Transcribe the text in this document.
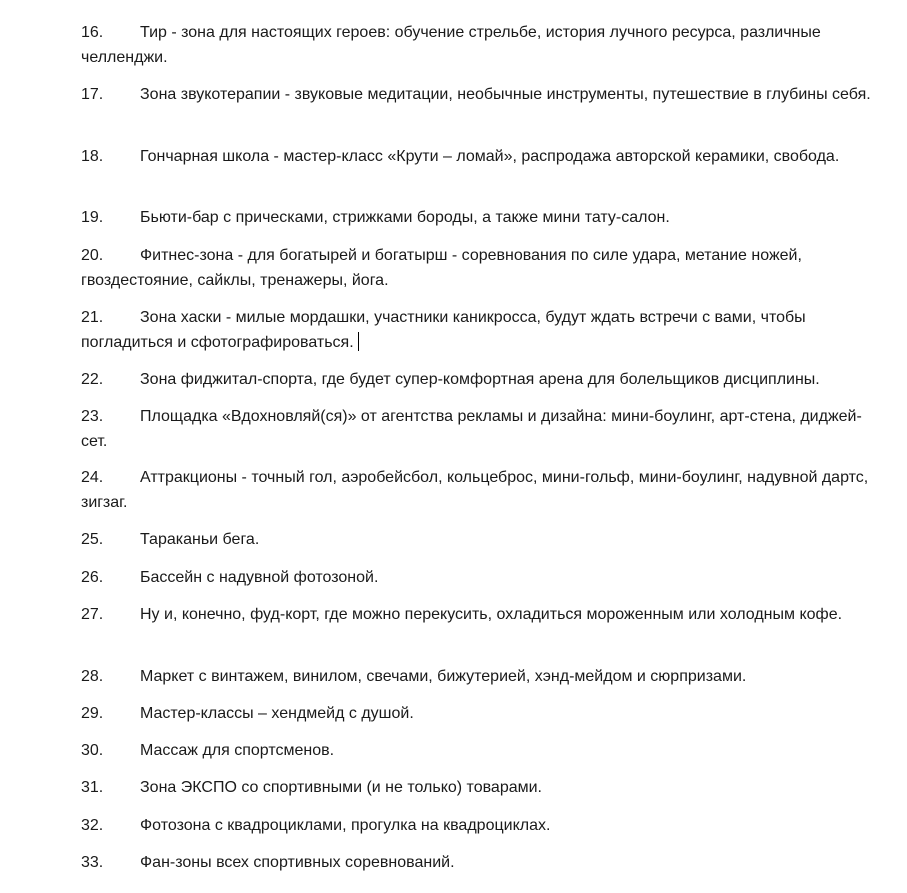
16.	Тир - зона для настоящих героев: обучение стрельбе, история лучного ресурса, различные челленджи.

17.	Зона звукотерапии - звуковые медитации, необычные инструменты, путешествие в глубины себя.

18.	Гончарная школа - мастер-класс «Крути – ломай», распродажа авторской керамики, свобода.

19.	Бьюти-бар с прическами, стрижками бороды, а также мини тату-салон.

20.	Фитнес-зона - для богатырей и богатырш - соревнования по силе удара, метание ножей, гвоздестояние, сайклы, тренажеры, йога.

21.	Зона хаски - милые мордашки, участники каникросса, будут ждать встречи с вами, чтобы погладиться и сфотографироваться.

22.	Зона фиджитал-спорта, где будет супер-комфортная арена для болельщиков дисциплины.

23.	Площадка «Вдохновляй(ся)» от агентства рекламы и дизайна: мини-боулинг, арт-стена, диджей-сет.

24.	Аттракционы - точный гол, аэробейсбол, кольцеброс, мини-гольф, мини-боулинг, надувной дартс, зигзаг.

25.	Тараканьи бега.

26.	Бассейн с надувной фотозоной.

27.	Ну и, конечно, фуд-корт, где можно перекусить, охладиться мороженным или холодным кофе.

28.	Маркет с винтажем, винилом, свечами, бижутерией, хэнд-мейдом и сюрпризами.

29.	Мастер-классы – хендмейд с душой.

30.	Массаж для спортсменов.

31.	Зона ЭКСПО со спортивными (и не только) товарами.

32.	Фотозона с квадроциклами, прогулка на квадроциклах.

33.	Фан-зоны всех спортивных соревнований.
